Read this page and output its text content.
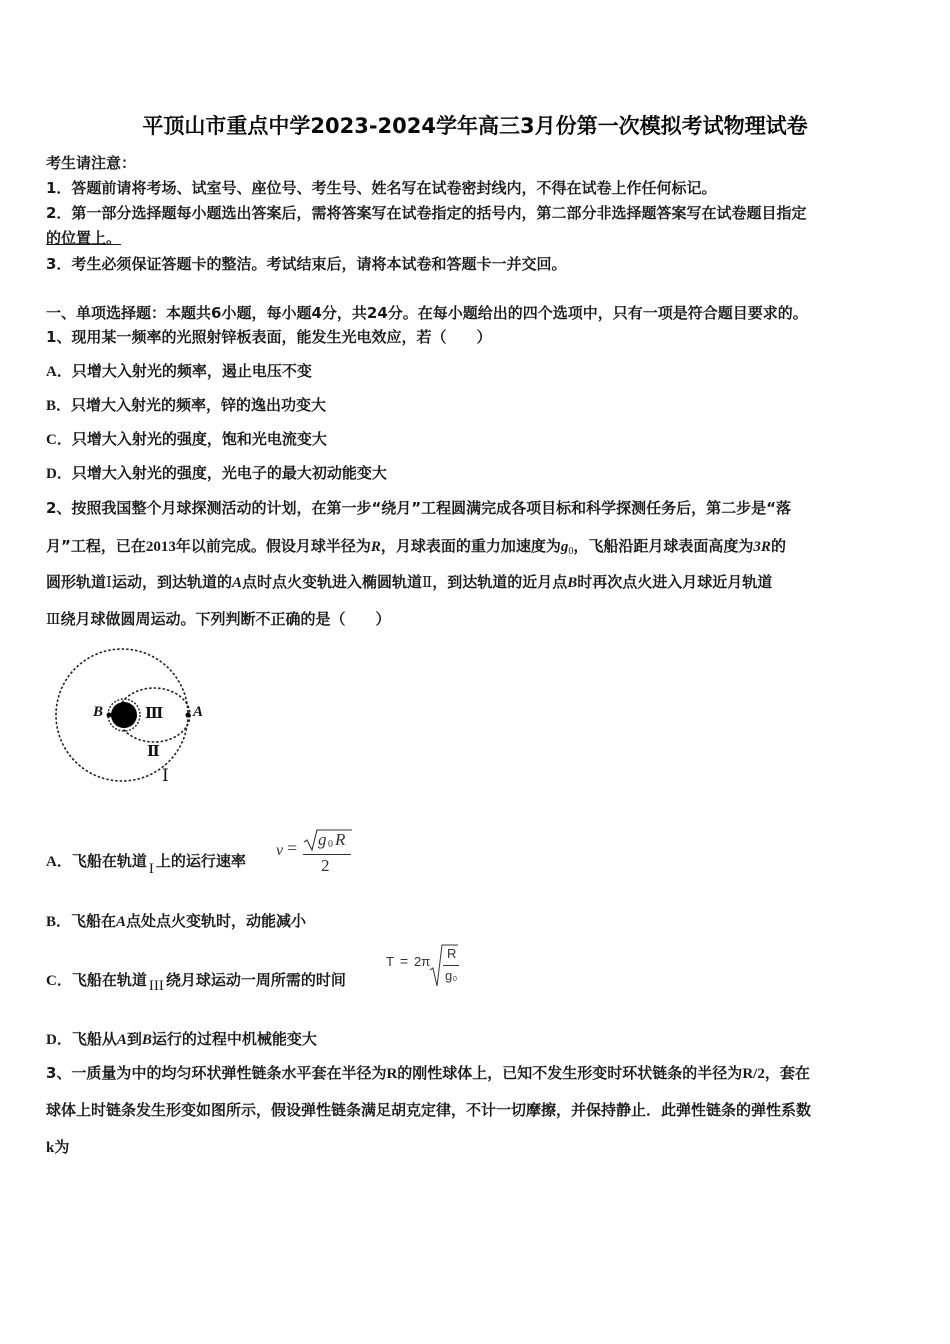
平顶山市重点中学2023-2024学年高三3月份第一次模拟考试物理试卷
考生请注意：
1．答题前请将考场、试室号、座位号、考生号、姓名写在试卷密封线内，不得在试卷上作任何标记。
2．第一部分选择题每小题选出答案后，需将答案写在试卷指定的括号内，第二部分非选择题答案写在试卷题目指定
的位置上。
3．考生必须保证答题卡的整洁。考试结束后，请将本试卷和答题卡一并交回。
一、单项选择题：本题共6小题，每小题4分，共24分。在每小题给出的四个选项中，只有一项是符合题目要求的。
1、现用某一频率的光照射锌板表面，能发生光电效应，若（　　）
A．只增大入射光的频率，遏止电压不变
B．只增大入射光的频率，锌的逸出功变大
C．只增大入射光的强度，饱和光电流变大
D．只增大入射光的强度，光电子的最大初动能变大
2、按照我国整个月球探测活动的计划，在第一步“绕月”工程圆满完成各项目标和科学探测任务后，第二步是“落
月”工程，已在2013年以前完成。假设月球半径为R，月球表面的重力加速度为$g_0$，飞船沿距月球表面高度为3R的
圆形轨道Ⅰ运动，到达轨道的A点时点火变轨进入椭圆轨道Ⅱ，到达轨道的近月点B时再次点火进入月球近月轨道
Ⅲ绕月球做圆周运动。下列判断不正确的是（　　）
B	A
Ⅲ
Ⅱ
Ⅰ
A．飞船在轨道 I 上的运行速率
v = g 0 R
2
B．飞船在A点处点火变轨时，动能减小
C．飞船在轨道 III 绕月球运动一周所需的时间
T = 2π
R
g 0
D．飞船从A到B运行的过程中机械能变大
3、一质量为中的均匀环状弹性链条水平套在半径为R的刚性球体上，已知不发生形变时环状链条的半径为R/2，套在
球体上时链条发生形变如图所示，假设弹性链条满足胡克定律，不计一切摩擦，并保持静止．此弹性链条的弹性系数
k为
